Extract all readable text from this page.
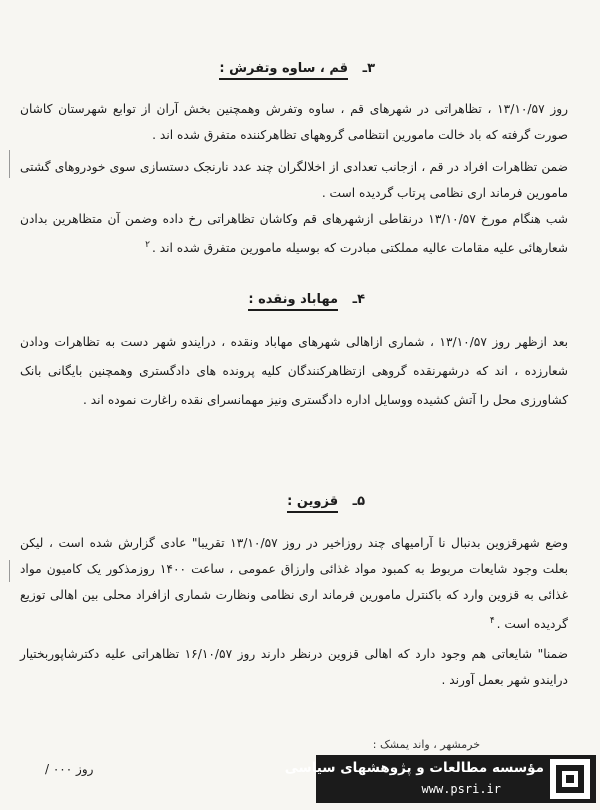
۳ـ قم ، ساوه وتفرش :

روز ۱۳/۱۰/۵۷ ، تظاهراتی در شهرهای قم ، ساوه وتفرش وهمچنین بخش آران از توابع شهرستان کاشان صورت گرفته که باد خالت مامورین انتظامی گروههای تظاهرکننده متفرق شده اند .

ضمن تظاهرات افراد در قم ، ازجانب تعدادی از اخلالگران چند عدد نارنجک دستسازی سوی خودروهای گشتی مامورین فرماند اری نظامی پرتاب گردیده است .

شب هنگام مورخ ۱۳/۱۰/۵۷ درنقاطی ازشهرهای قم وکاشان تظاهراتی رخ داده وضمن آن متظاهرین بدادن شعارهائی علیه مقامات عالیه مملکتی مبادرت که بوسیله مامورین متفرق شده اند .$^۲$

۴ـ مهاباد ونقده :

بعد ازظهر روز ۱۳/۱۰/۵۷ ، شماری ازاهالی شهرهای مهاباد ونقده ، درایندو شهر دست به تظاهرات ودادن شعارزده ، اند که درشهرنقده گروهی ازتظاهرکنندگان کلیه پرونده های دادگستری وهمچنین بایگانی بانک کشاورزی محل را آتش کشیده ووسایل اداره دادگستری ونیز مهمانسرای نقده راغارت نموده اند .

۵ـ قزوین :

وضع شهرقزوین بدنبال نا آرامیهای چند روزاخیر در روز ۱۳/۱۰/۵۷ تقریبا" عادی گزارش شده است ، لیکن بعلت وجود شایعات مربوط به کمبود مواد غذائی وارزاق عمومی ، ساعت ۱۴۰۰ روزمذکور یک کامیون مواد غذائی به قزوین وارد که باکنترل مامورین فرماند اری نظامی ونظارت شماری ازافراد محلی بین اهالی توزیع گردیده است .$^۴$

ضمنا" شایعاتی هم وجود دارد که اهالی قزوین درنظر دارند روز ۱۶/۱۰/۵۷ تظاهراتی علیه دکترشاپوربختیار درایندو شهر بعمل آورند .

خرمشهر ، واند یمشک :
روز ۰۰۰ /	مؤسسه مطالعات و پژوهشهای سیاسی
www.psri.ir
